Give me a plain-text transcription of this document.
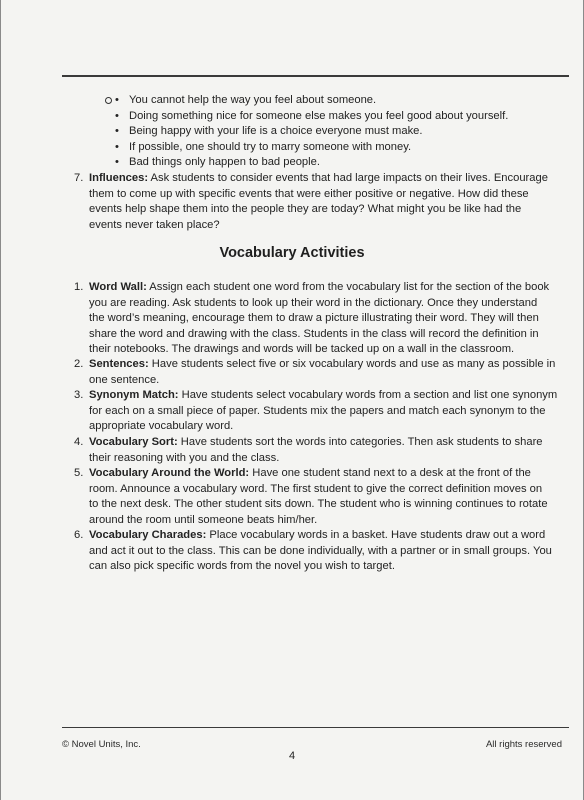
• You cannot help the way you feel about someone.
• Doing something nice for someone else makes you feel good about yourself.
• Being happy with your life is a choice everyone must make.
• If possible, one should try to marry someone with money.
• Bad things only happen to bad people.
7. Influences: Ask students to consider events that had large impacts on their lives. Encourage
them to come up with specific events that were either positive or negative. How did these
events help shape them into the people they are today? What might you be like had the
events never taken place?
Vocabulary Activities
1. Word Wall: Assign each student one word from the vocabulary list for the section of the book
you are reading. Ask students to look up their word in the dictionary. Once they understand
the word’s meaning, encourage them to draw a picture illustrating their word. They will then
share the word and drawing with the class. Students in the class will record the definition in
their notebooks. The drawings and words will be tacked up on a wall in the classroom.
2. Sentences: Have students select five or six vocabulary words and use as many as possible in
one sentence.
3. Synonym Match: Have students select vocabulary words from a section and list one synonym
for each on a small piece of paper. Students mix the papers and match each synonym to the
appropriate vocabulary word.
4. Vocabulary Sort: Have students sort the words into categories. Then ask students to share
their reasoning with you and the class.
5. Vocabulary Around the World: Have one student stand next to a desk at the front of the
room. Announce a vocabulary word. The first student to give the correct definition moves on
to the next desk. The other student sits down. The student who is winning continues to rotate
around the room until someone beats him/her.
6. Vocabulary Charades: Place vocabulary words in a basket. Have students draw out a word
and act it out to the class. This can be done individually, with a partner or in small groups. You
can also pick specific words from the novel you wish to target.
© Novel Units, Inc.	All rights reserved
4
